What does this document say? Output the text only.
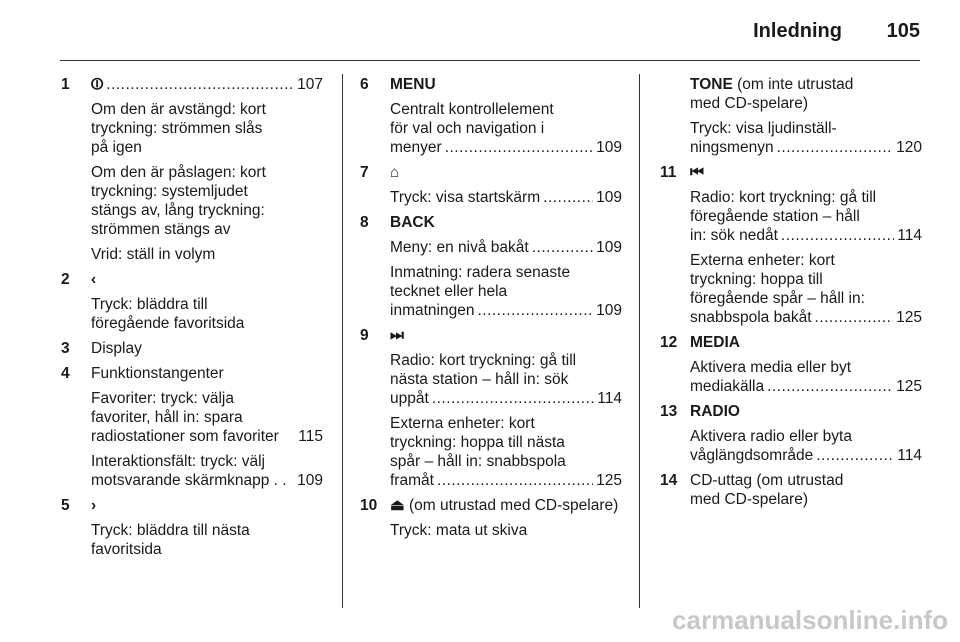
Inledning 105
1 ⏼ .....	107
Om den är avstängd: kort
tryckning: strömmen slås
på igen
Om den är påslagen: kort
tryckning: systemljudet
stängs av, lång tryckning:
strömmen stängs av
Vrid: ställ in volym
2 ‹
Tryck: bläddra till
föregående favoritsida
3 Display
4 Funktionstangenter
Favoriter: tryck: välja
favoriter, håll in: spara
radiostationer som favoriter 115
Interaktionsfält: tryck: välj
motsvarande skärmknapp . . 109
5 ›
Tryck: bläddra till nästa
favoritsida
6 MENU
Centralt kontrollelement
för val och navigation i
menyer .....	109
7 ⌂
Tryck: visa startskärm .....	109
8 BACK
Meny: en nivå bakåt .....	109
Inmatning: radera senaste
tecknet eller hela
inmatningen .....	109
9 ⏭
Radio: kort tryckning: gå till
nästa station – håll in: sök
uppåt .....	114
Externa enheter: kort
tryckning: hoppa till nästa
spår – håll in: snabbspola
framåt .....	125
10 ⏏ (om utrustad med CD-spelare)
Tryck: mata ut skiva
TONE (om inte utrustad
med CD-spelare)
Tryck: visa ljudinställ-
ningsmenyn .....	120
11 ⏮
Radio: kort tryckning: gå till
föregående station – håll
in: sök nedåt .....	114
Externa enheter: kort
tryckning: hoppa till
föregående spår – håll in:
snabbspola bakåt .....	125
12 MEDIA
Aktivera media eller byt
mediakälla .....	125
13 RADIO
Aktivera radio eller byta
våglängdsområde .....	114
14 CD-uttag (om utrustad
med CD-spelare)
carmanualsonline.info
